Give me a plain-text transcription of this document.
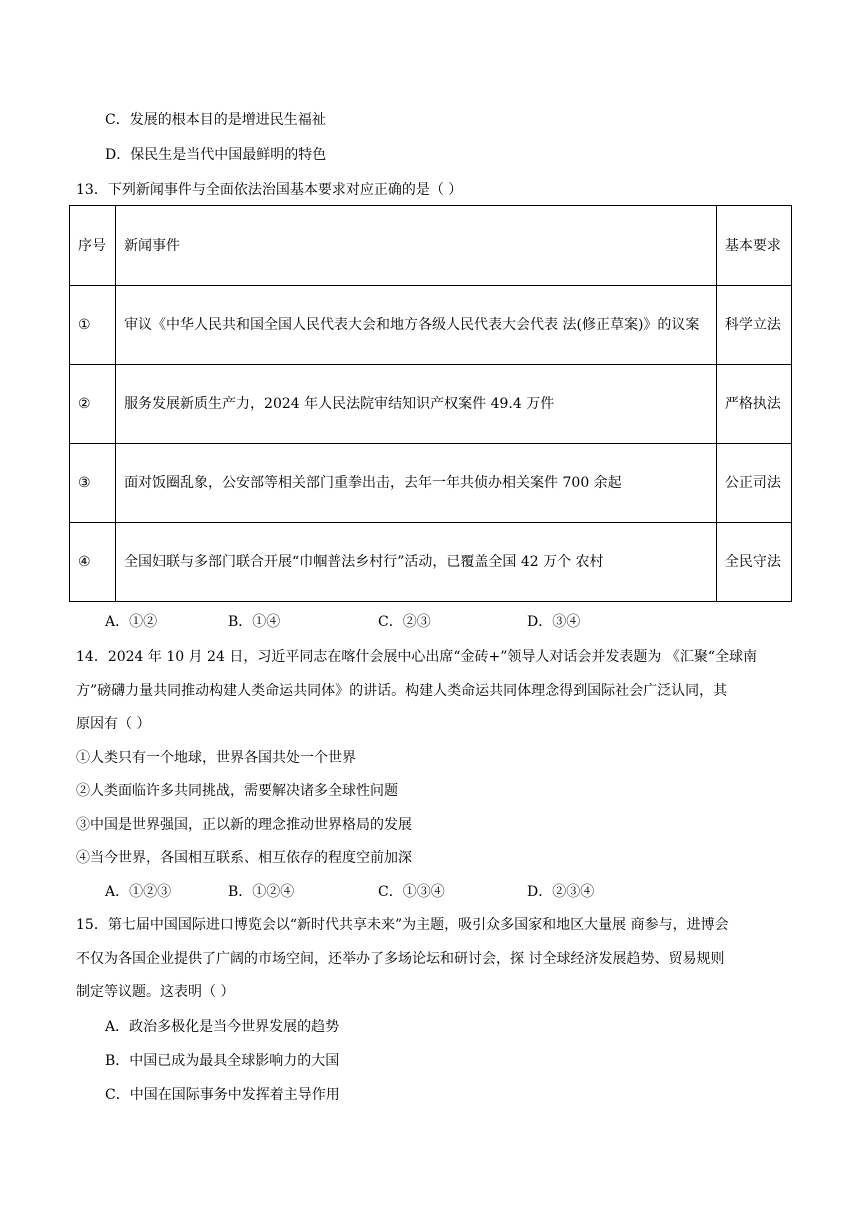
C．发展的根本目的是增进民生福祉
D．保民生是当代中国最鲜明的特色
13．下列新闻事件与全面依法治国基本要求对应正确的是（ ）
序号	新闻事件	基本要求

①	审议《中华人民共和国全国人民代表大会和地方各级人民代表大会代表 法(修正草案)》的议案	科学立法

②	服务发展新质生产力，2024 年人民法院审结知识产权案件 49.4 万件	严格执法

③	面对饭圈乱象，公安部等相关部门重拳出击，去年一年共侦办相关案件 700 余起	公正司法

④	全国妇联与多部门联合开展“巾帼普法乡村行”活动，已覆盖全国 42 万个 农村	全民守法
A．①②	B．①④	C．②③	D．③④
14．2024 年 10 月 24 日，习近平同志在喀什会展中心出席“金砖+”领导人对话会并发表题为 《汇聚“全球南
方”磅礴力量共同推动构建人类命运共同体》的讲话。构建人类命运共同体理念得到国际社会广泛认同，其
原因有（ ）
①人类只有一个地球，世界各国共处一个世界
②人类面临许多共同挑战，需要解决诸多全球性问题
③中国是世界强国，正以新的理念推动世界格局的发展
④当今世界，各国相互联系、相互依存的程度空前加深
A．①②③	B．①②④	C．①③④	D．②③④
15．第七届中国国际进口博览会以“新时代共享未来”为主题，吸引众多国家和地区大量展 商参与，进博会
不仅为各国企业提供了广阔的市场空间，还举办了多场论坛和研讨会，探 讨全球经济发展趋势、贸易规则
制定等议题。这表明（ ）
A．政治多极化是当今世界发展的趋势
B．中国已成为最具全球影响力的大国
C．中国在国际事务中发挥着主导作用
